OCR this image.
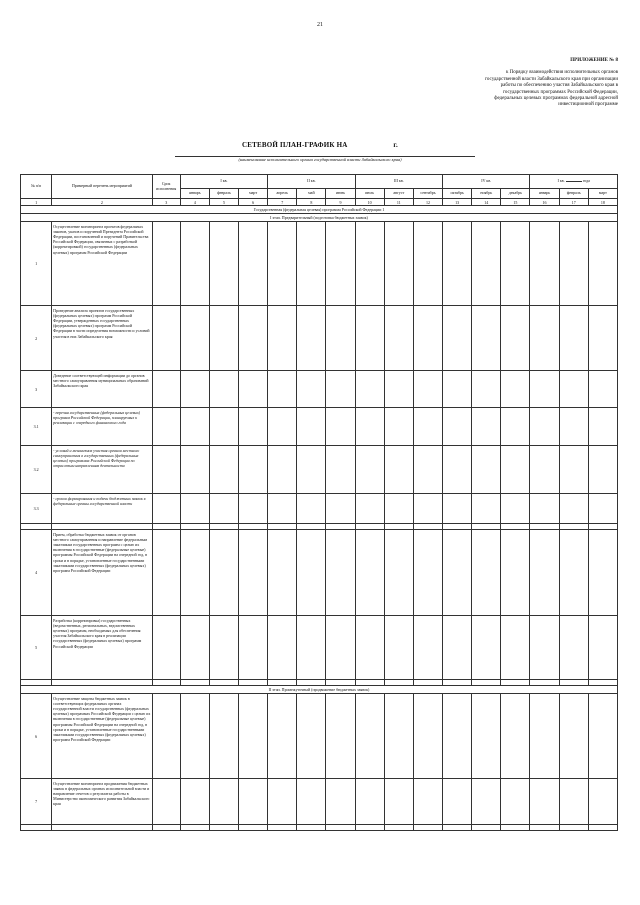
21
ПРИЛОЖЕНИЕ № 8
к Порядку взаимодействия исполнительных органов государственной власти Забайкальского края при организации работы по обеспечению участия Забайкальского края в государственных программах Российской Федерации, федеральных целевых программах федеральной адресной инвестиционной программе
СЕТЕВОЙ ПЛАН-ГРАФИК НА	г.
(наименование исполнительного органа государственной власти Забайкальского края)
№ п/п	Примерный перечень мероприятий	Срок исполнения	I кв.			II кв.			III кв.			IV кв.			I кв. года		
			январь	февраль	март	апрель	май	июнь	июль	август	сентябрь	октябрь	ноябрь	декабрь	январь	февраль	март
1	2	3	4	5	6	7	8	9	10	11	12	13	14	15	16	17	18
Государственная (федеральная целевая) программа Российской Федерации 1																	
I этап. Предварительный (подготовка бюджетных заявок)																	
1	Осуществление мониторинга проектов федеральных законов, указов и поручений Президента Российской Федерации, постановлений и поручений Правительства Российской Федерации, связанных с разработкой (корректировкой) государственных (федеральных целевых) программ Российской Федерации																
2	Проведение анализа проектов государственных (федеральных целевых) программ Российской Федерации, утвержденных государственных (федеральных целевых) программ Российской Федерации в части определения возможности и условий участия в них Забайкальского края																
3	Доведение соответствующей информации до органов местного самоуправления муниципальных образований Забайкальского края																
3.1	- перечня государственных (федеральных целевых) программ Российской Федерации, планируемых к реализации с очередного финансового года																
3.2	- условий и механизмов участия органов местного самоуправления в государственных (федеральных целевых) программах Российской Федерации по отраслевым направлениям деятельности																
3.3	- сроков формирования и подачи бюджетных заявок в федеральные органы государственной власти																

4	Прием, обработка бюджетных заявок от органов местного самоуправления и направление федеральным заказчикам государственных программ с целью их включения в государственные (федеральные целевые) программы Российской Федерации на очередной год, в сроки и в порядке, установленные государственными заказчиками государственных (федеральных целевых) программ Российской Федерации																
5	Разработка (корректировка) государственных (ведомственных, региональных, ведомственных целевых) программ, необходимых для обеспечения участия Забайкальского края в реализации государственных (федеральных целевых) программ Российской Федерации																

II этап. Промежуточный (продвижение бюджетных заявок)																	
6	Осуществление защиты бюджетных заявок в соответствующих федеральных органах государственной власти государственных (федеральных целевых) программах Российской Федерации с целью их включения в государственные (федеральные целевые) программы Российской Федерации на очередной год, в сроки и в порядке, установленные государственными заказчиками государственных (федеральных целевых) программ Российской Федерации																
7	Осуществление мониторинга продвижения бюджетных заявок в федеральных органах исполнительной власти и направление отчетов о результатах работы в Министерство экономического развития Забайкальского края																
